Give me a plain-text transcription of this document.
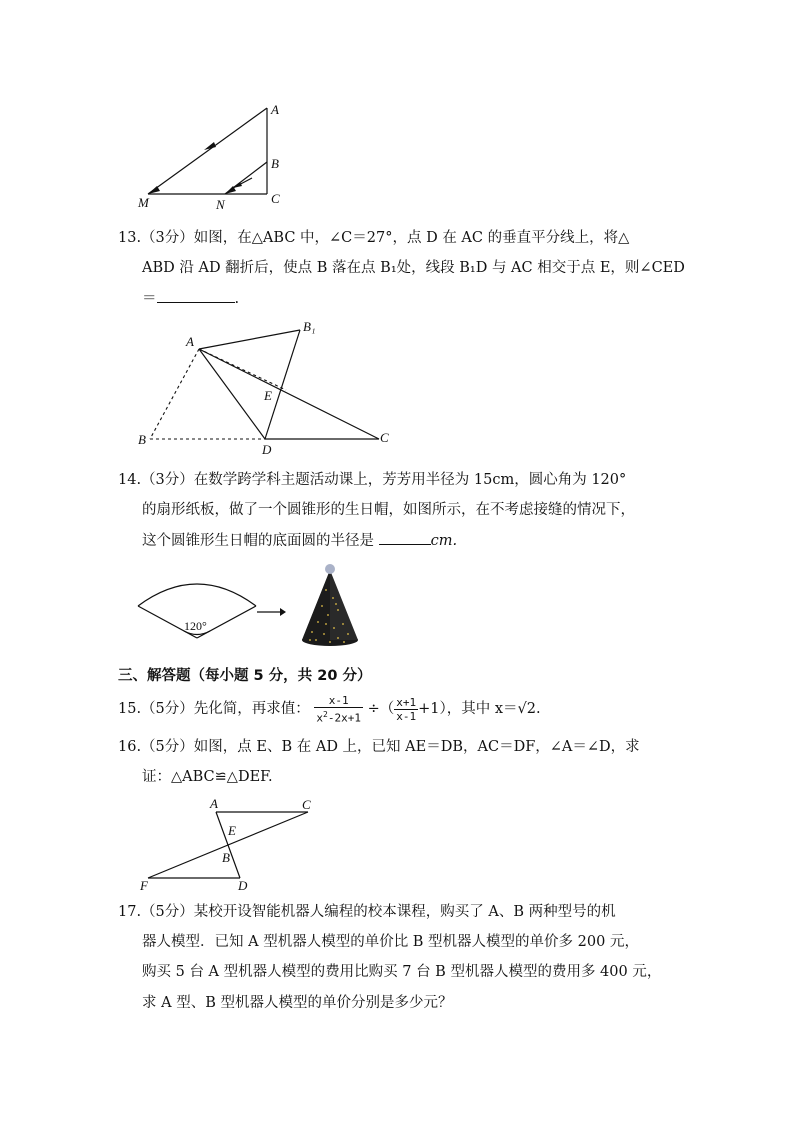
A
B
C
M	N
13.（3分）如图，在△ABC 中，∠C＝27°，点 D 在 AC 的垂直平分线上，将△
ABD 沿 AD 翻折后，使点 B 落在点 B₁处，线段 B₁D 与 AC 相交于点 E，则∠CED
＝	.
A
B₁
E
B
D
C
14.（3分）在数学跨学科主题活动课上，芳芳用半径为 15cm，圆心角为 120°
的扇形纸板，做了一个圆锥形的生日帽，如图所示，在不考虑接缝的情况下，
这个圆锥形生日帽的底面圆的半径是	cm.
120°
三、解答题（每小题 5 分，共 20 分）
15.（5分）先化简，再求值： $\frac{x-1}{x^2-2x+1}$ ÷（ $\frac{x+1}{x-1} +1$），其中 x＝√2.
16.（5分）如图，点 E、B 在 AD 上，已知 AE＝DB，AC＝DF，∠A＝∠D，求
证：△ABC≌△DEF.
A	C
E
B
F	D
17.（5分）某校开设智能机器人编程的校本课程，购买了 A、B 两种型号的机
器人模型．已知 A 型机器人模型的单价比 B 型机器人模型的单价多 200 元，
购买 5 台 A 型机器人模型的费用比购买 7 台 B 型机器人模型的费用多 400 元，
求 A 型、B 型机器人模型的单价分别是多少元？
